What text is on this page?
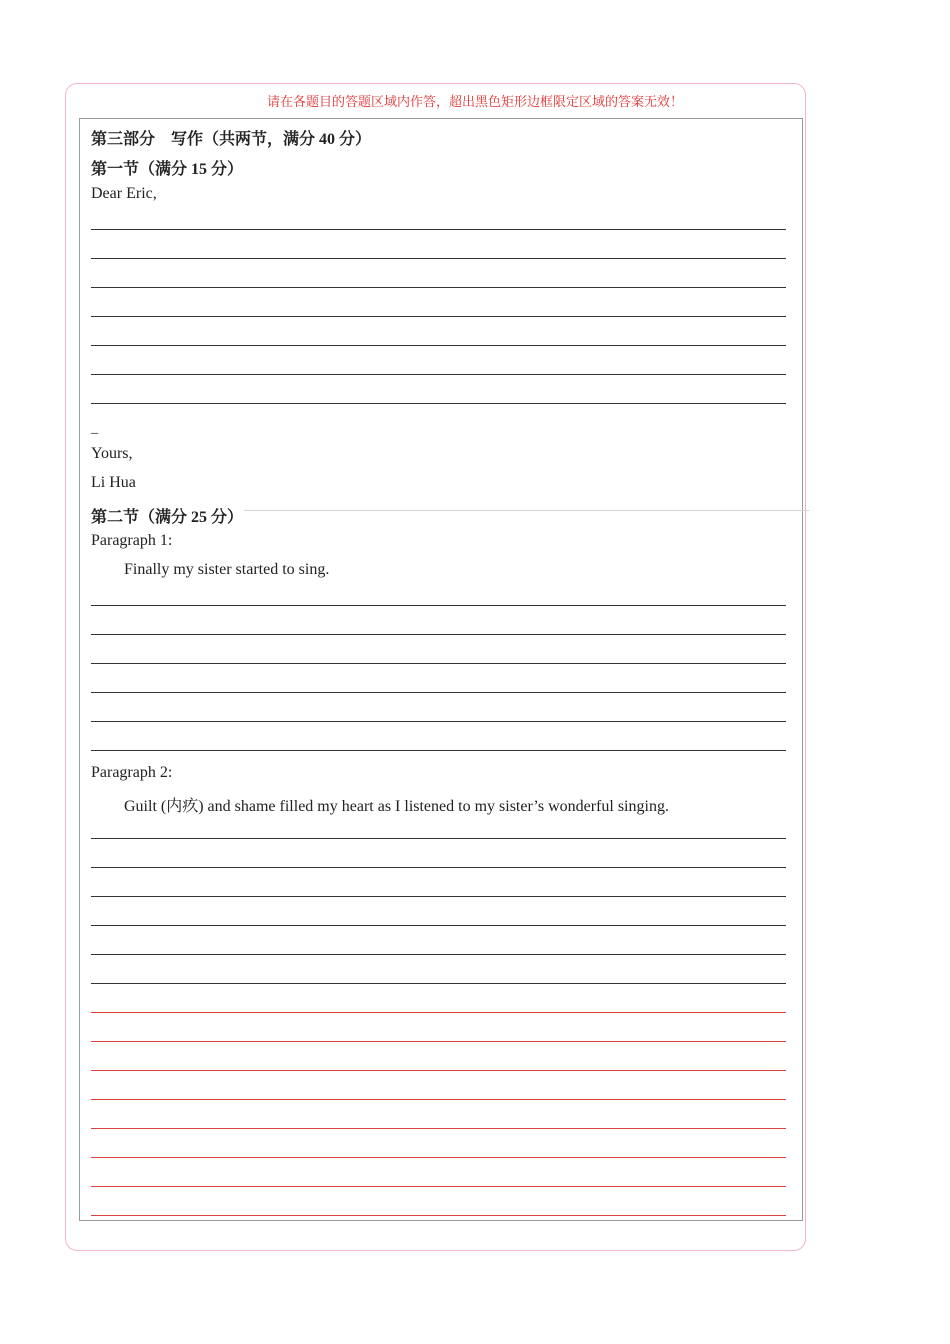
请在各题目的答题区域内作答，超出黑色矩形边框限定区域的答案无效！
第三部分　写作（共两节，满分 40 分）
第一节（满分 15 分）
Dear Eric,
_
Yours,
Li Hua
第二节（满分 25 分）
Paragraph 1:
Finally my sister started to sing.
Paragraph 2:
Guilt (内疚) and shame filled my heart as I listened to my sister’s wonderful singing.
